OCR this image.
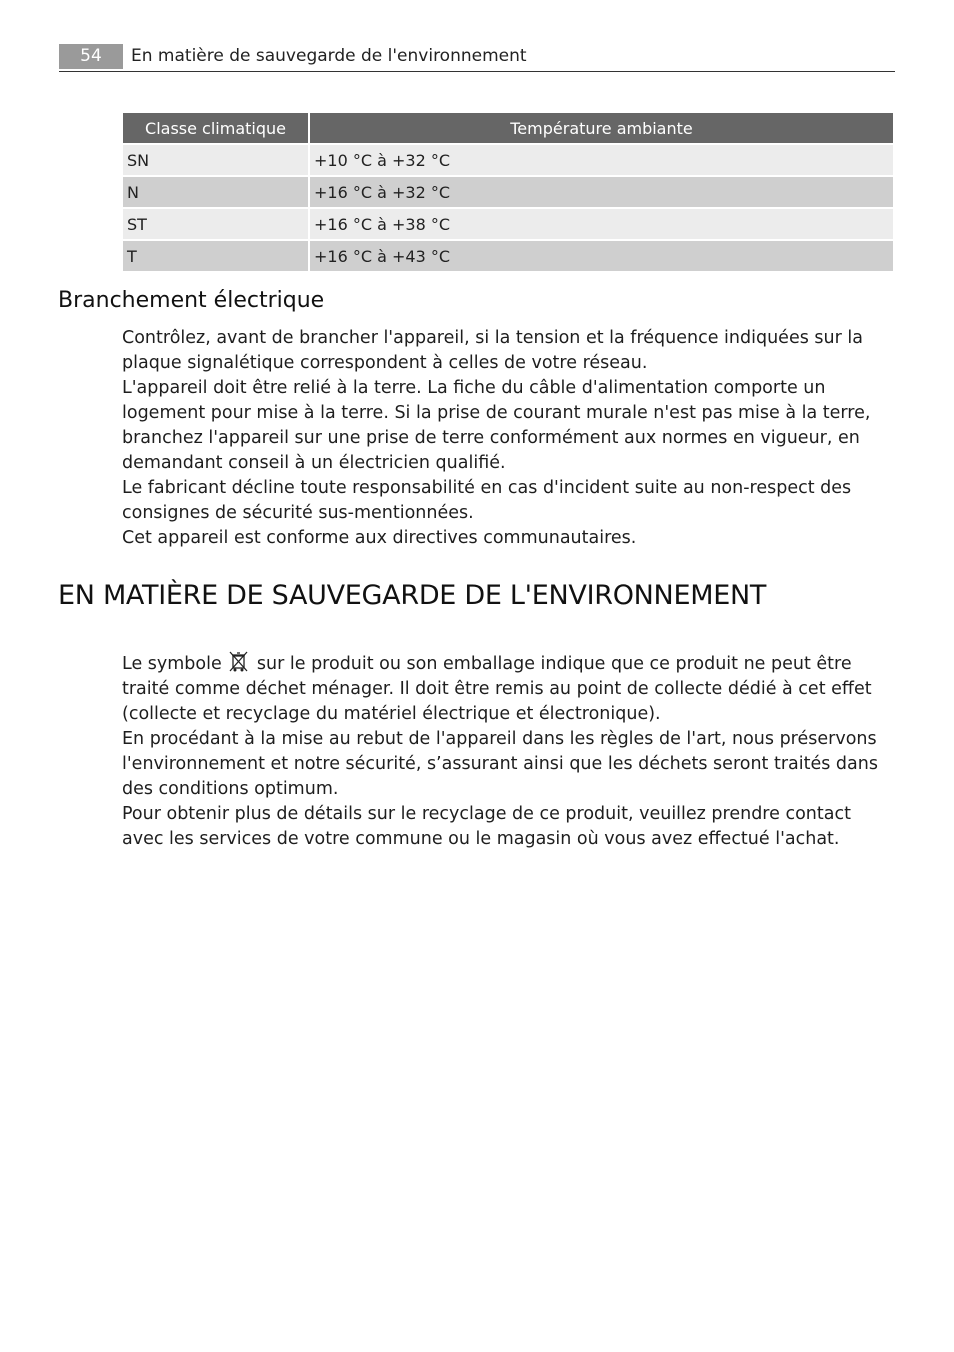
54	En matière de sauvegarde de l'environnement
Classe climatique	Température ambiante
SN	+10 °C à +32 °C
N	+16 °C à +32 °C
ST	+16 °C à +38 °C
T	+16 °C à +43 °C
Branchement électrique

Contrôlez, avant de brancher l'appareil, si la tension et la fréquence indiquées sur la plaque signalétique correspondent à celles de votre réseau.

L'appareil doit être relié à la terre. La fiche du câble d'alimentation comporte un logement pour mise à la terre. Si la prise de courant murale n'est pas mise à la terre, branchez l'appareil sur une prise de terre conformément aux normes en vigueur, en demandant conseil à un électricien qualifié.

Le fabricant décline toute responsabilité en cas d'incident suite au non-respect des consignes de sécurité sus-mentionnées.

Cet appareil est conforme aux directives communautaires.

EN MATIÈRE DE SAUVEGARDE DE L'ENVIRONNEMENT

Le symbole sur le produit ou son emballage indique que ce produit ne peut être traité comme déchet ménager. Il doit être remis au point de collecte dédié à cet effet (collecte et recyclage du matériel électrique et électronique).

En procédant à la mise au rebut de l'appareil dans les règles de l'art, nous préservons l'environnement et notre sécurité, s’assurant ainsi que les déchets seront traités dans des conditions optimum.

Pour obtenir plus de détails sur le recyclage de ce produit, veuillez prendre contact avec les services de votre commune ou le magasin où vous avez effectué l'achat.
